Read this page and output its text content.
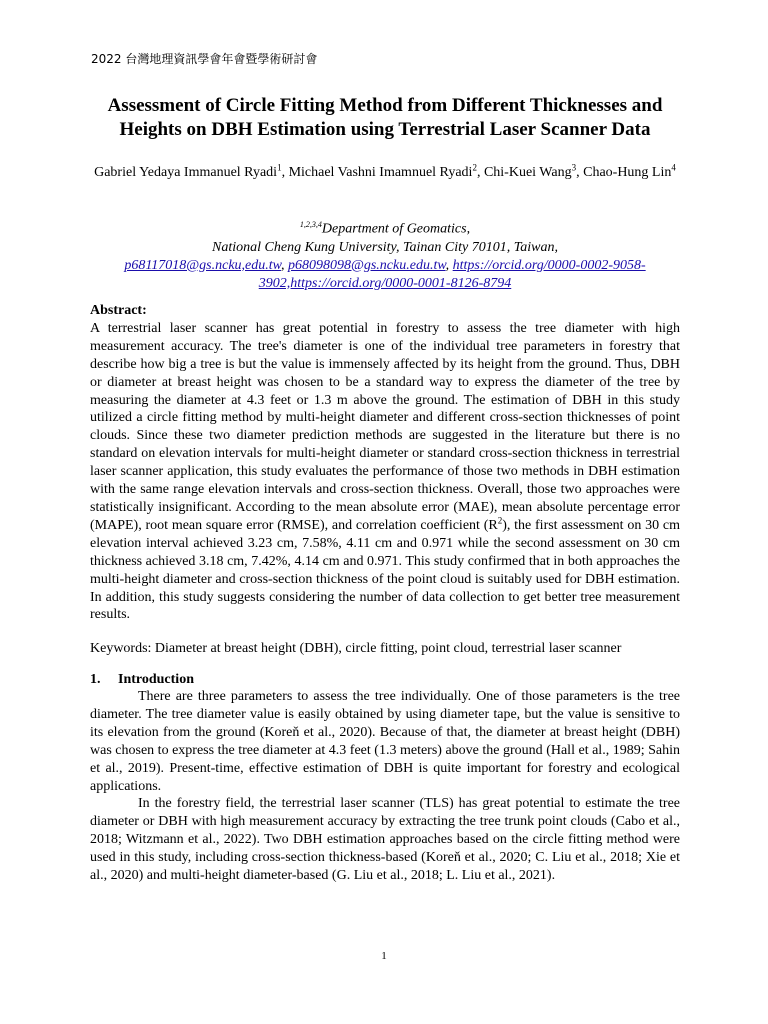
2022 台灣地理資訊學會年會暨學術研討會
Assessment of Circle Fitting Method from Different Thicknesses and Heights on DBH Estimation using Terrestrial Laser Scanner Data
Gabriel Yedaya Immanuel Ryadi$^1$, Michael Vashni Imamnuel Ryadi$^2$, Chi-Kuei Wang$^3$, Chao-Hung Lin$^4$
$^{1,2,3,4}$Department of Geomatics,
National Cheng Kung University, Tainan City 70101, Taiwan,
p68117018@gs.ncku,edu.tw, p68098098@gs.ncku.edu.tw, https://orcid.org/0000-0002-9058-3902,https://orcid.org/0000-0001-8126-8794
Abstract:
A terrestrial laser scanner has great potential in forestry to assess the tree diameter with high measurement accuracy. The tree's diameter is one of the individual tree parameters in forestry that describe how big a tree is but the value is immensely affected by its height from the ground. Thus, DBH or diameter at breast height was chosen to be a standard way to express the diameter of the tree by measuring the diameter at 4.3 feet or 1.3 m above the ground. The estimation of DBH in this study utilized a circle fitting method by multi-height diameter and different cross-section thicknesses of point clouds. Since these two diameter prediction methods are suggested in the literature but there is no standard on elevation intervals for multi-height diameter or standard cross-section thickness in terrestrial laser scanner application, this study evaluates the performance of those two methods in DBH estimation with the same range elevation intervals and cross-section thickness. Overall, those two approaches were statistically insignificant. According to the mean absolute error (MAE), mean absolute percentage error (MAPE), root mean square error (RMSE), and correlation coefficient $(R^2)$, the first assessment on 30 cm elevation interval achieved 3.23 cm, 7.58%, 4.11 cm and 0.971 while the second assessment on 30 cm thickness achieved 3.18 cm, 7.42%, 4.14 cm and 0.971. This study confirmed that in both approaches the multi-height diameter and cross-section thickness of the point cloud is suitably used for DBH estimation. In addition, this study suggests considering the number of data collection to get better tree measurement results.
Keywords: Diameter at breast height (DBH), circle fitting, point cloud, terrestrial laser scanner
1. Introduction

There are three parameters to assess the tree individually. One of those parameters is the tree diameter. The tree diameter value is easily obtained by using diameter tape, but the value is sensitive to its elevation from the ground (Koreň et al., 2020). Because of that, the diameter at breast height (DBH) was chosen to express the tree diameter at 4.3 feet (1.3 meters) above the ground (Hall et al., 1989; Sahin et al., 2019). Present-time, effective estimation of DBH is quite important for forestry and ecological applications.

In the forestry field, the terrestrial laser scanner (TLS) has great potential to estimate the tree diameter or DBH with high measurement accuracy by extracting the tree trunk point clouds (Cabo et al., 2018; Witzmann et al., 2022). Two DBH estimation approaches based on the circle fitting method were used in this study, including cross-section thickness-based (Koreň et al., 2020; C. Liu et al., 2018; Xie et al., 2020) and multi-height diameter-based (G. Liu et al., 2018; L. Liu et al., 2021).

1
